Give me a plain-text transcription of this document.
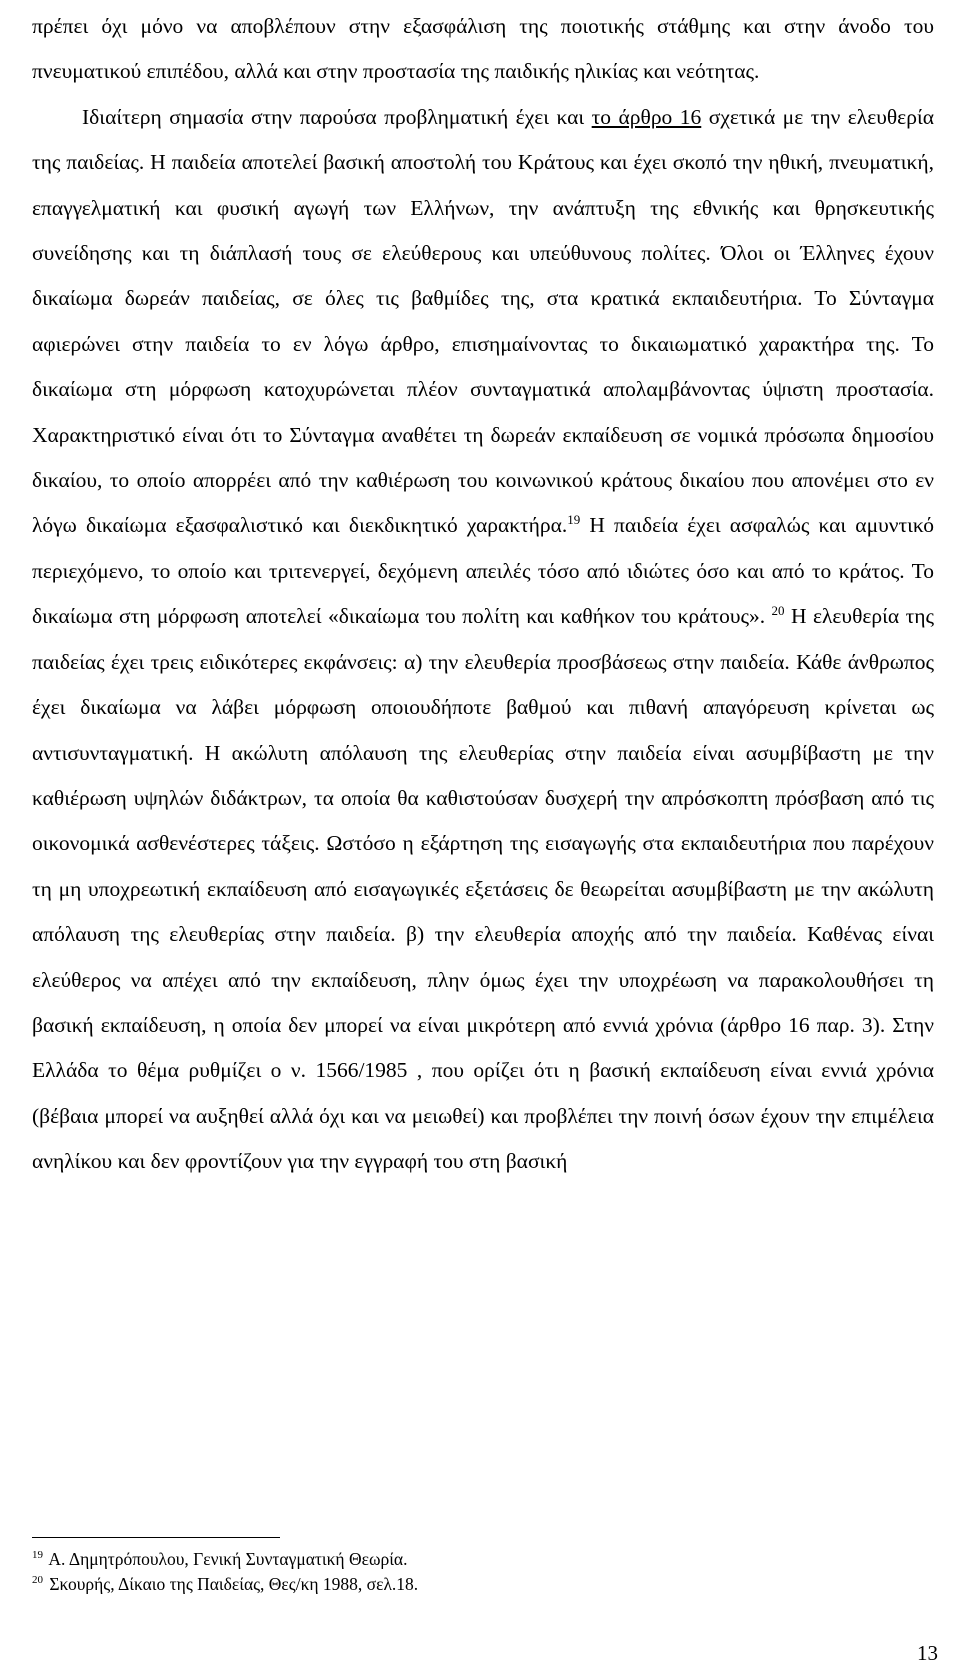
πρέπει όχι μόνο να αποβλέπουν στην εξασφάλιση της ποιοτικής στάθμης και στην άνοδο του πνευματικού επιπέδου, αλλά και στην προστασία της παιδικής ηλικίας και νεότητας.

Ιδιαίτερη σημασία στην παρούσα προβληματική έχει και το άρθρο 16 σχετικά με την ελευθερία της παιδείας. Η παιδεία αποτελεί βασική αποστολή του Κράτους και έχει σκοπό την ηθική, πνευματική, επαγγελματική και φυσική αγωγή των Ελλήνων, την ανάπτυξη της εθνικής και θρησκευτικής συνείδησης και τη διάπλασή τους σε ελεύθερους και υπεύθυνους πολίτες. Όλοι οι Έλληνες έχουν δικαίωμα δωρεάν παιδείας, σε όλες τις βαθμίδες της, στα κρατικά εκπαιδευτήρια. Το Σύνταγμα αφιερώνει στην παιδεία το εν λόγω άρθρο, επισημαίνοντας το δικαιωματικό χαρακτήρα της. Το δικαίωμα στη μόρφωση κατοχυρώνεται πλέον συνταγματικά απολαμβάνοντας ύψιστη προστασία. Χαρακτηριστικό είναι ότι το Σύνταγμα αναθέτει τη δωρεάν εκπαίδευση σε νομικά πρόσωπα δημοσίου δικαίου, το οποίο απορρέει από την καθιέρωση του κοινωνικού κράτους δικαίου που απονέμει στο εν λόγω δικαίωμα εξασφαλιστικό και διεκδικητικό χαρακτήρα.$^{19}$ Η παιδεία έχει ασφαλώς και αμυντικό περιεχόμενο, το οποίο και τριτενεργεί, δεχόμενη απειλές τόσο από ιδιώτες όσο και από το κράτος. Το δικαίωμα στη μόρφωση αποτελεί «δικαίωμα του πολίτη και καθήκον του κράτους». $^{20}$ Η ελευθερία της παιδείας έχει τρεις ειδικότερες εκφάνσεις: α) την ελευθερία προσβάσεως στην παιδεία. Κάθε άνθρωπος έχει δικαίωμα να λάβει μόρφωση οποιουδήποτε βαθμού και πιθανή απαγόρευση κρίνεται ως αντισυνταγματική. Η ακώλυτη απόλαυση της ελευθερίας στην παιδεία είναι ασυμβίβαστη με την καθιέρωση υψηλών διδάκτρων, τα οποία θα καθιστούσαν δυσχερή την απρόσκοπτη πρόσβαση από τις οικονομικά ασθενέστερες τάξεις. Ωστόσο η εξάρτηση της εισαγωγής στα εκπαιδευτήρια που παρέχουν τη μη υποχρεωτική εκπαίδευση από εισαγωγικές εξετάσεις δε θεωρείται ασυμβίβαστη με την ακώλυτη απόλαυση της ελευθερίας στην παιδεία. β) την ελευθερία αποχής από την παιδεία. Καθένας είναι ελεύθερος να απέχει από την εκπαίδευση, πλην όμως έχει την υποχρέωση να παρακολουθήσει τη βασική εκπαίδευση, η οποία δεν μπορεί να είναι μικρότερη από εννιά χρόνια (άρθρο 16 παρ. 3). Στην Ελλάδα το θέμα ρυθμίζει ο ν. 1566/1985 , που ορίζει ότι η βασική εκπαίδευση είναι εννιά χρόνια (βέβαια μπορεί να αυξηθεί αλλά όχι και να μειωθεί) και προβλέπει την ποινή όσων έχουν την επιμέλεια ανηλίκου και δεν φροντίζουν για την εγγραφή του στη βασική

$^{19}$ Α. Δημητρόπουλου, Γενική Συνταγματική Θεωρία.
$^{20}$ Σκουρής, Δίκαιο της Παιδείας, Θες/κη 1988, σελ.18.
13
